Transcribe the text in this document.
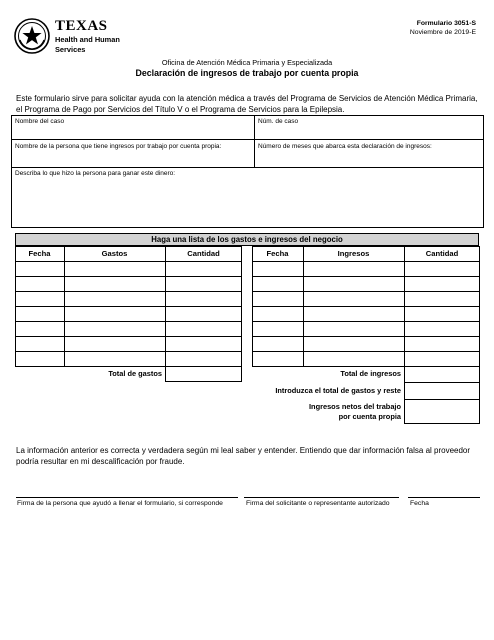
TEXAS
Health and Human
Services
Formulario 3051-S
Noviembre de 2019-E
Oficina de Atención Médica Primaria y Especializada
Declaración de ingresos de trabajo por cuenta propia
Este formulario sirve para solicitar ayuda con la atención médica a través del Programa de Servicios de Atención Médica Primaria, el Programa de Pago por Servicios del Título V o el Programa de Servicios para la Epilepsia.
Nombre del caso	Núm. de caso
Nombre de la persona que tiene ingresos por trabajo por cuenta propia:	Número de meses que abarca esta declaración de ingresos:
Describa lo que hizo la persona para ganar este dinero:
Haga una lista de los gastos e ingresos del negocio
Fecha	Gastos	Cantidad	Fecha	Ingresos	Cantidad
Total de gastos	Total de ingresos
Introduzca el total de gastos y reste
Ingresos netos del trabajo
por cuenta propia
La información anterior es correcta y verdadera según mi leal saber y entender. Entiendo que dar información falsa al proveedor podría resultar en mi descalificación por fraude.
Firma de la persona que ayudó a llenar el formulario, si corresponde	Firma del solicitante o representante autorizado	Fecha
